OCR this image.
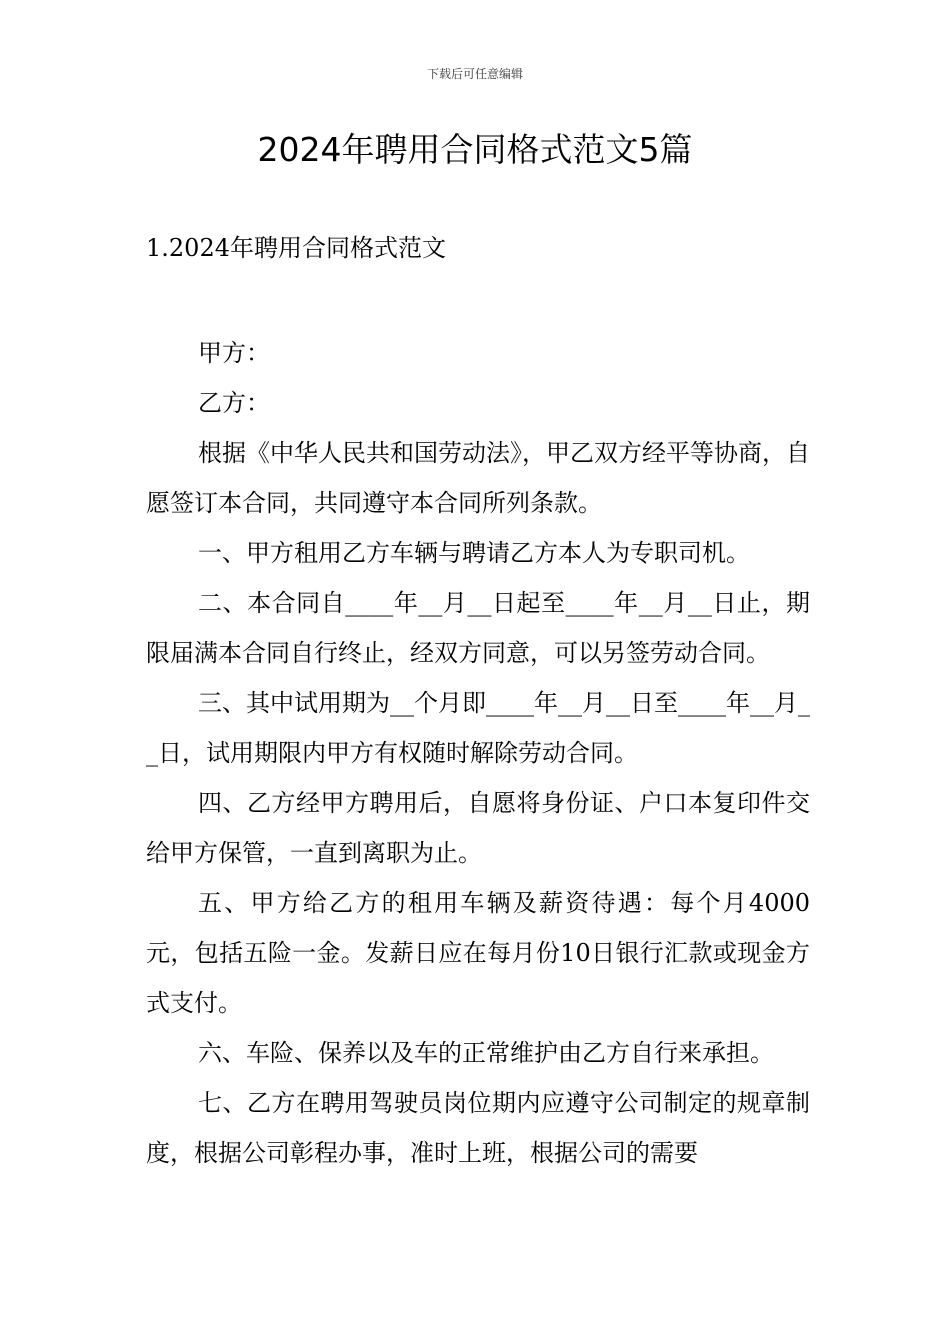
下载后可任意编辑
2024年聘用合同格式范文5篇
1.2024年聘用合同格式范文

甲方：

乙方：

根据《中华人民共和国劳动法》，甲乙双方经平等协商，自愿签订本合同，共同遵守本合同所列条款。

一、甲方租用乙方车辆与聘请乙方本人为专职司机。

二、本合同自____年__月__日起至____年__月__日止，期限届满本合同自行终止，经双方同意，可以另签劳动合同。

三、其中试用期为__个月即____年__月__日至____年__月__日，试用期限内甲方有权随时解除劳动合同。

四、乙方经甲方聘用后，自愿将身份证、户口本复印件交给甲方保管，一直到离职为止。

五、甲方给乙方的租用车辆及薪资待遇：每个月4000元，包括五险一金。发薪日应在每月份10日银行汇款或现金方式支付。

六、车险、保养以及车的正常维护由乙方自行来承担。

七、乙方在聘用驾驶员岗位期内应遵守公司制定的规章制度，根据公司彰程办事，准时上班，根据公司的需要
